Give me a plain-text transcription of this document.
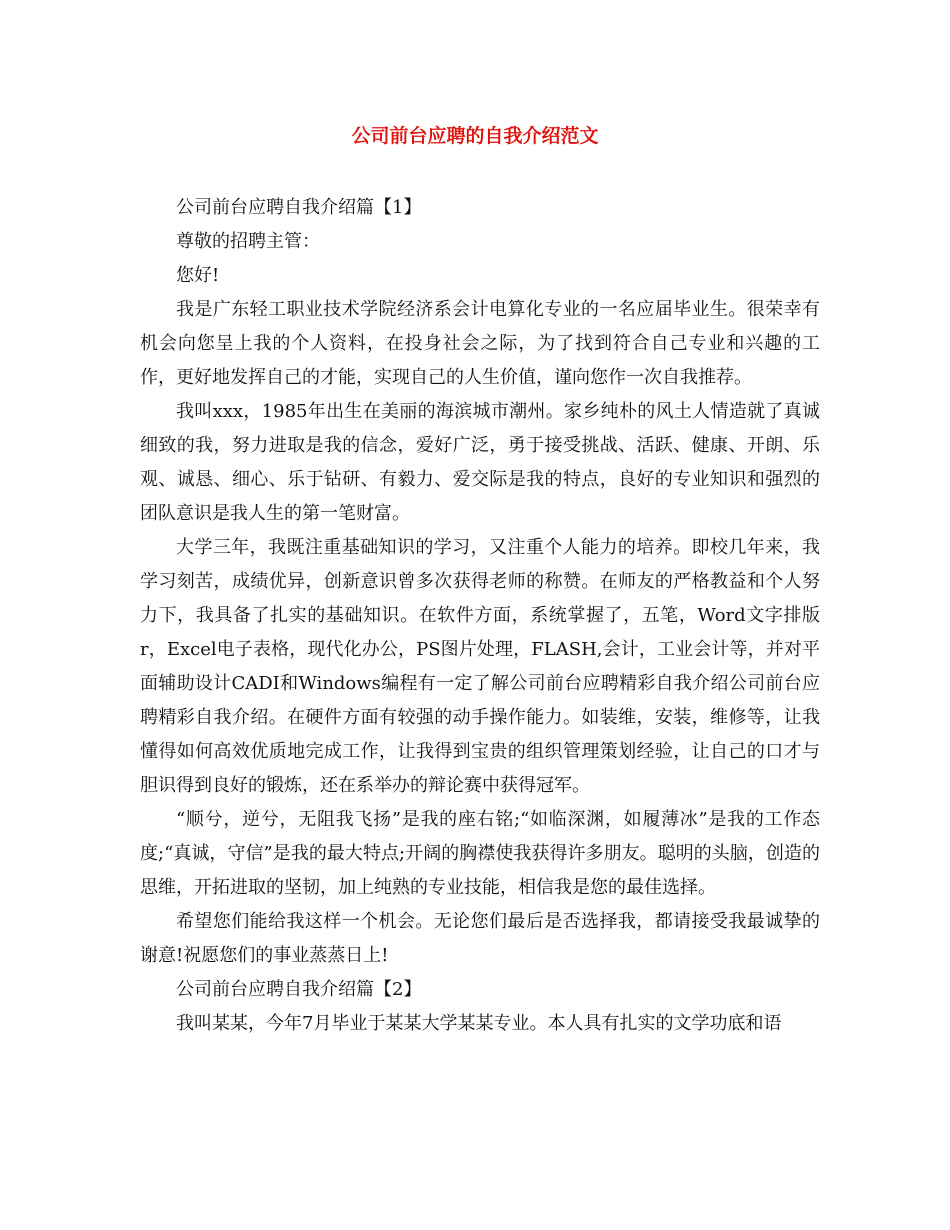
公司前台应聘的自我介绍范文

公司前台应聘自我介绍篇【1】

尊敬的招聘主管：

您好!

我是广东轻工职业技术学院经济系会计电算化专业的一名应届毕业生。很荣幸有机会向您呈上我的个人资料，在投身社会之际，为了找到符合自己专业和兴趣的工作，更好地发挥自己的才能，实现自己的人生价值，谨向您作一次自我推荐。

我叫xxx，1985年出生在美丽的海滨城市潮州。家乡纯朴的风土人情造就了真诚细致的我，努力进取是我的信念，爱好广泛，勇于接受挑战、活跃、健康、开朗、乐观、诚恳、细心、乐于钻研、有毅力、爱交际是我的特点，良好的专业知识和强烈的团队意识是我人生的第一笔财富。

大学三年，我既注重基础知识的学习，又注重个人能力的培养。即校几年来，我学习刻苦，成绩优异，创新意识曾多次获得老师的称赞。在师友的严格教益和个人努力下，我具备了扎实的基础知识。在软件方面，系统掌握了，五笔，Word文字排版r，Excel电子表格，现代化办公，PS图片处理，FLASH,会计，工业会计等，并对平面辅助设计CADI和Windows编程有一定了解公司前台应聘精彩自我介绍公司前台应聘精彩自我介绍。在硬件方面有较强的动手操作能力。如装维，安装，维修等，让我懂得如何高效优质地完成工作，让我得到宝贵的组织管理策划经验，让自己的口才与胆识得到良好的锻炼，还在系举办的辩论赛中获得冠军。

“顺兮，逆兮，无阻我飞扬”是我的座右铭;“如临深渊，如履薄冰”是我的工作态度;“真诚，守信”是我的最大特点;开阔的胸襟使我获得许多朋友。聪明的头脑，创造的思维，开拓进取的坚韧，加上纯熟的专业技能，相信我是您的最佳选择。

希望您们能给我这样一个机会。无论您们最后是否选择我，都请接受我最诚挚的谢意!祝愿您们的事业蒸蒸日上!

公司前台应聘自我介绍篇【2】

我叫某某，今年7月毕业于某某大学某某专业。本人具有扎实的文学功底和语
